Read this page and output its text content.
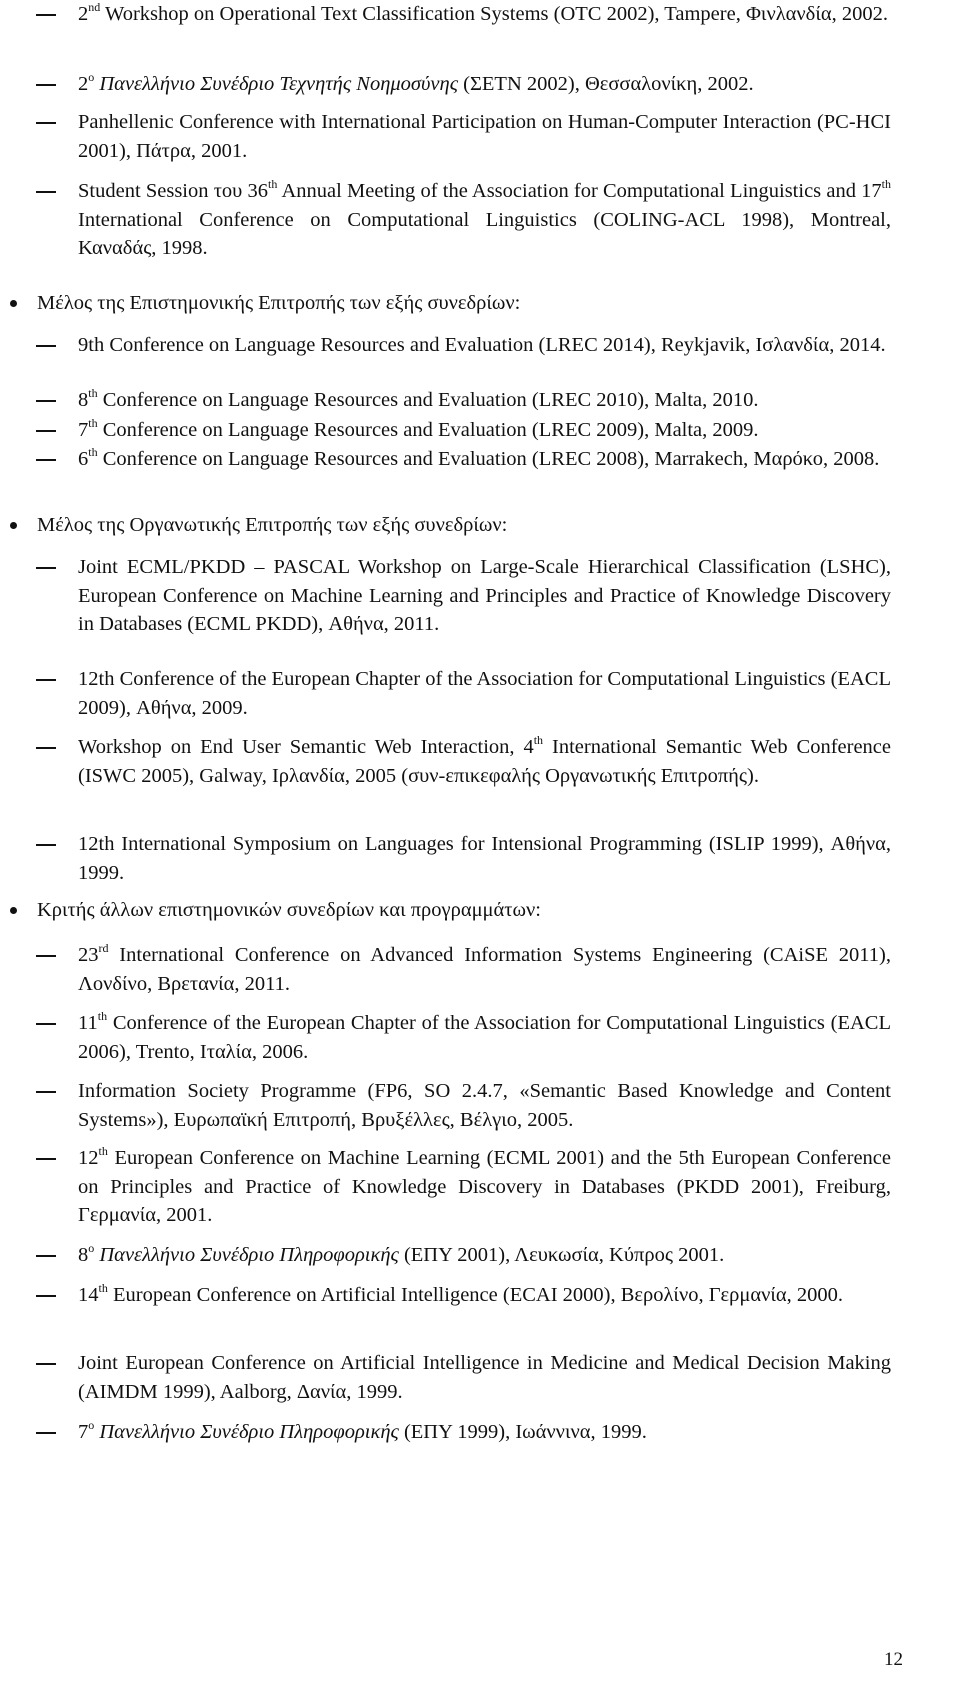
2nd Workshop on Operational Text Classification Systems (OTC 2002), Tampere, Φινλανδία, 2002.
$2^o$ Πανελλήνιο Συνέδριο Τεχνητής Νοημοσύνης (ΣΕΤΝ 2002), Θεσσαλονίκη, 2002.
Panhellenic Conference with International Participation on Human-Computer Interaction (PC-HCI 2001), Πάτρα, 2001.
Student Session του 36th Annual Meeting of the Association for Computational Linguistics and 17th International Conference on Computational Linguistics (COLING-ACL 1998), Montreal, Καναδάς, 1998.
Μέλος της Επιστημονικής Επιτροπής των εξής συνεδρίων:
9th Conference on Language Resources and Evaluation (LREC 2014), Reykjavik, Ισλανδία, 2014.
8th Conference on Language Resources and Evaluation (LREC 2010), Malta, 2010.
7th Conference on Language Resources and Evaluation (LREC 2009), Malta, 2009.
6th Conference on Language Resources and Evaluation (LREC 2008), Marrakech, Μαρόκο, 2008.
Μέλος της Οργανωτικής Επιτροπής των εξής συνεδρίων:
Joint ECML/PKDD – PASCAL Workshop on Large-Scale Hierarchical Classification (LSHC), European Conference on Machine Learning and Principles and Practice of Knowledge Discovery in Databases (ECML PKDD), Αθήνα, 2011.
12th Conference of the European Chapter of the Association for Computational Linguistics (EACL 2009), Αθήνα, 2009.
Workshop on End User Semantic Web Interaction, 4th International Semantic Web Conference (ISWC 2005), Galway, Ιρλανδία, 2005 (συν-επικεφαλής Οργανωτικής Επιτροπής).
12th International Symposium on Languages for Intensional Programming (ISLIP 1999), Αθήνα, 1999.
Κριτής άλλων επιστημονικών συνεδρίων και προγραμμάτων:
23rd International Conference on Advanced Information Systems Engineering (CAiSE 2011), Λονδίνο, Βρετανία, 2011.
11th Conference of the European Chapter of the Association for Computational Linguistics (EACL 2006), Trento, Ιταλία, 2006.
Information Society Programme (FP6, SO 2.4.7, «Semantic Based Knowledge and Content Systems»), Ευρωπαϊκή Επιτροπή, Βρυξέλλες, Βέλγιο, 2005.
12th European Conference on Machine Learning (ECML 2001) and the 5th European Conference on Principles and Practice of Knowledge Discovery in Databases (PKDD 2001), Freiburg, Γερμανία, 2001.
$8^o$ Πανελλήνιο Συνέδριο Πληροφορικής (ΕΠΥ 2001), Λευκωσία, Κύπρος 2001.
14th European Conference on Artificial Intelligence (ECAI 2000), Βερολίνο, Γερμανία, 2000.
Joint European Conference on Artificial Intelligence in Medicine and Medical Decision Making (AIMDM 1999), Aalborg, Δανία, 1999.
$7^o$ Πανελλήνιο Συνέδριο Πληροφορικής (ΕΠΥ 1999), Ιωάννινα, 1999.
12
